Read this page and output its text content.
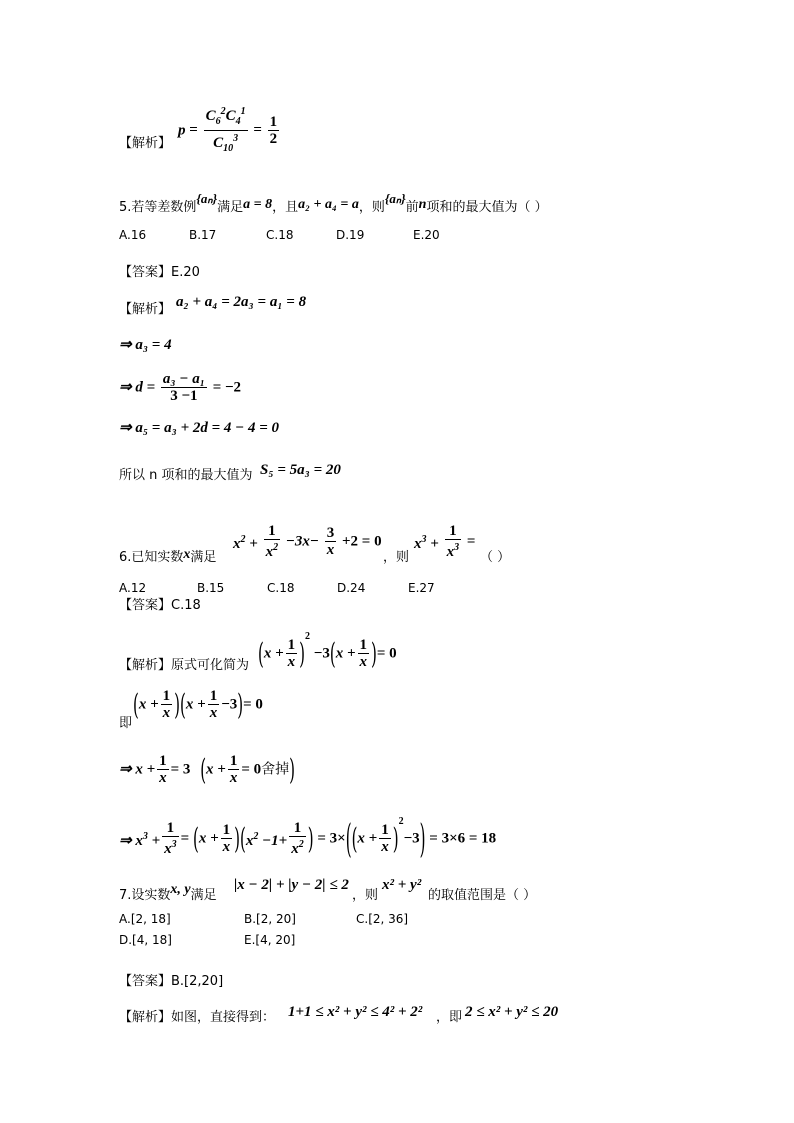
【解析】
$p = \frac{C_6^2C_4^1}{C_{10}^3} = \frac{1}{2}$
5.若等差数例{aₙ}满足a = 8，且a₂ + a₄ = a，则{aₙ}前n项和的最大值为（ ）
A.16	B.17	C.18	D.19	E.20
【答案】E.20
【解析】 a₂ + a₄ = 2a₃ = a₁ = 8
⇒ a₃ = 4
⇒ $d = \frac{\text{a₃ − a₁}}{3 -1} = -2$
⇒ a₅ = a₃ + 2d = 4 − 4 = 0
所以 n 项和的最大值为 S₅ = 5a₃ = 20
6.已知实数x满足
$x^2 + \frac{1}{x^2} -3x- \frac{3}{x} +2 = 0$
，则
$x^3 + \frac{1}{x^3}$ =
（ ）
A.12	B.15	C.18	D.24	E.27
【答案】C.18
【解析】原式可化简为 $(x + \frac{1}{x} )^2 -3(x + \frac{1}{x}$ )= 0
即
$(x + \frac{1}{x} )(x + \frac{1}{x} -3)= 0$
⇒ $x + \frac{1}{x} = 3$ ($x + \frac{1}{x} = 0$舍掉)
⇒ $x^3 + \frac{1}{x^3} = (x + \frac{1}{x} )(x^2 -1+ \frac{1}{x^2}$ ) = $3\times((x + \frac{1}{x} )^2-3) = 3\times 6 = 18$
7.设实数x, y满足
|x − 2| + |y − 2| ≤ 2
，则
x² + y²
的取值范围是（ ）
A.[2, 18]	B.[2, 20]	C.[2, 36]
D.[4, 18]	E.[4, 20]
【答案】B.[2,20]
【解析】如图，直接得到： 1+1 ≤ x² + y² ≤ 4² + 2² ，即 2 ≤ x² + y² ≤ 20
